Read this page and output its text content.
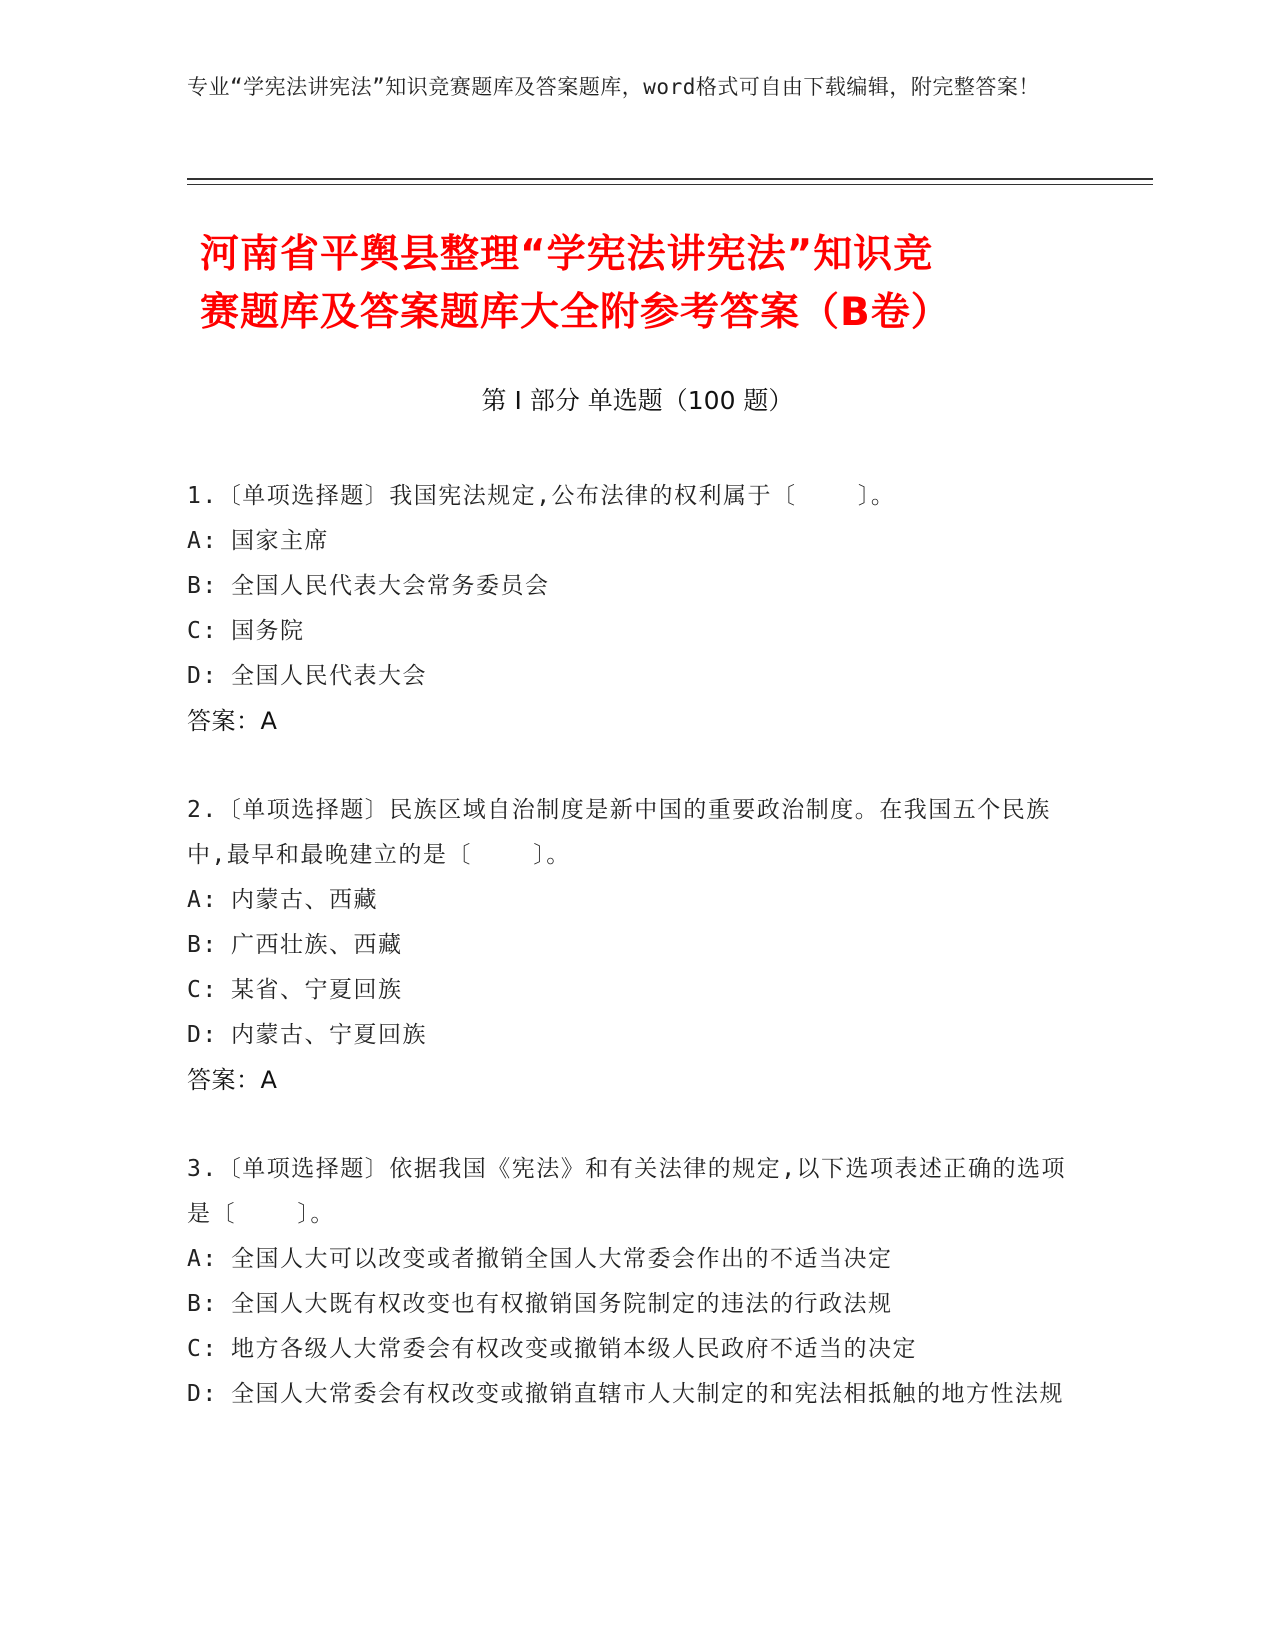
专业“学宪法讲宪法”知识竞赛题库及答案题库，word格式可自由下载编辑，附完整答案！
河南省平舆县整理“学宪法讲宪法”知识竞
赛题库及答案题库大全附参考答案（B卷）
第 I 部分 单选题（100 题）
1.〔单项选择题〕我国宪法规定,公布法律的权利属于〔    〕。
A: 国家主席
B: 全国人民代表大会常务委员会
C: 国务院
D: 全国人民代表大会
答案：A
2.〔单项选择题〕民族区域自治制度是新中国的重要政治制度。在我国五个民族中,最早和最晚建立的是〔    〕。
A: 内蒙古、西藏
B: 广西壮族、西藏
C: 某省、宁夏回族
D: 内蒙古、宁夏回族
答案：A
3.〔单项选择题〕依据我国《宪法》和有关法律的规定,以下选项表述正确的选项是〔    〕。
A: 全国人大可以改变或者撤销全国人大常委会作出的不适当决定
B: 全国人大既有权改变也有权撤销国务院制定的违法的行政法规
C: 地方各级人大常委会有权改变或撤销本级人民政府不适当的决定
D: 全国人大常委会有权改变或撤销直辖市人大制定的和宪法相抵触的地方性法规
